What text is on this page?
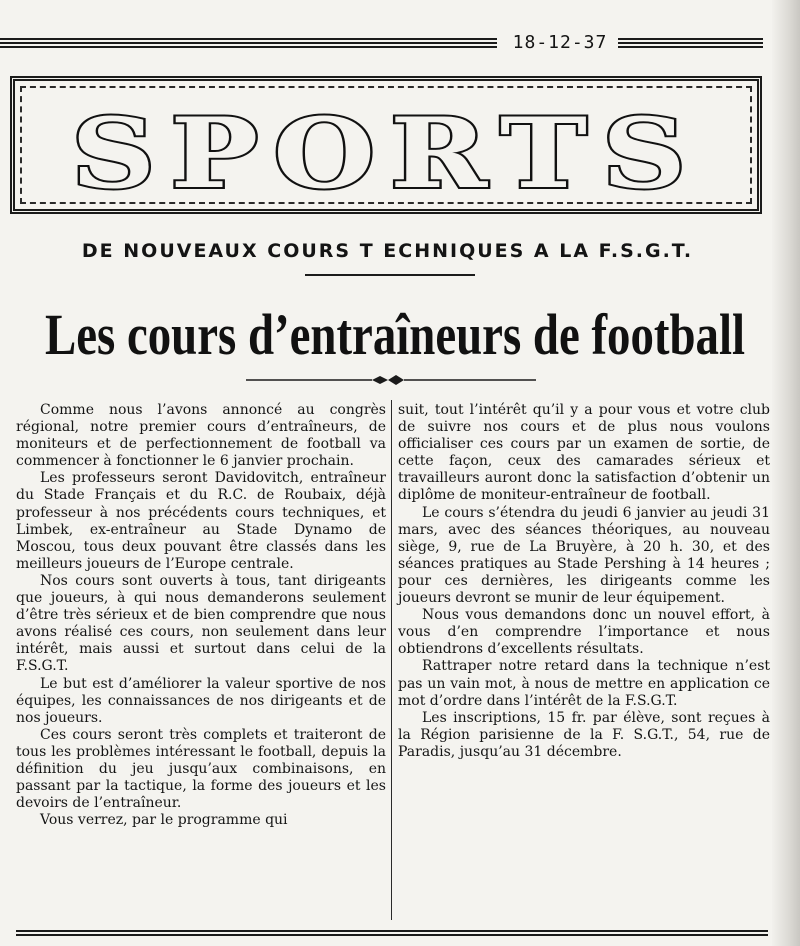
18-12-37
SPORTS
DE NOUVEAUX COURS T ECHNIQUES A LA F.S.G.T.
Les cours d’entraîneurs de football

Comme nous l’avons annoncé au congrès régional, notre premier cours d’entraîneurs, de moniteurs et de perfectionnement de football va commencer à fonctionner le 6 janvier prochain.

Les professeurs seront Davidovitch, entraîneur du Stade Français et du R.C. de Roubaix, déjà professeur à nos précédents cours techniques, et Limbek, ex-entraîneur au Stade Dynamo de Moscou, tous deux pouvant être classés dans les meilleurs joueurs de l’Europe centrale.

Nos cours sont ouverts à tous, tant dirigeants que joueurs, à qui nous demanderons seulement d’être très sérieux et de bien comprendre que nous avons réalisé ces cours, non seulement dans leur intérêt, mais aussi et surtout dans celui de la F.S.G.T.

Le but est d’améliorer la valeur sportive de nos équipes, les connaissances de nos dirigeants et de nos joueurs.

Ces cours seront très complets et traiteront de tous les problèmes intéressant le football, depuis la définition du jeu jusqu’aux combinaisons, en passant par la tactique, la forme des joueurs et les devoirs de l’entraîneur.

Vous verrez, par le programme qui

suit, tout l’intérêt qu’il y a pour vous et votre club de suivre nos cours et de plus nous voulons officialiser ces cours par un examen de sortie, de cette façon, ceux des camarades sérieux et travailleurs auront donc la satisfaction d’obtenir un diplôme de moniteur-entraîneur de football.

Le cours s’étendra du jeudi 6 janvier au jeudi 31 mars, avec des séances théoriques, au nouveau siège, 9, rue de La Bruyère, à 20 h. 30, et des séances pratiques au Stade Pershing à 14 heures ; pour ces dernières, les dirigeants comme les joueurs devront se munir de leur équipement.

Nous vous demandons donc un nouvel effort, à vous d’en comprendre l’importance et nous obtiendrons d’excellents résultats.

Rattraper notre retard dans la technique n’est pas un vain mot, à nous de mettre en application ce mot d’ordre dans l’intérêt de la F.S.G.T.

Les inscriptions, 15 fr. par élève, sont reçues à la Région parisienne de la F. S.G.T., 54, rue de Paradis, jusqu’au 31 décembre.
